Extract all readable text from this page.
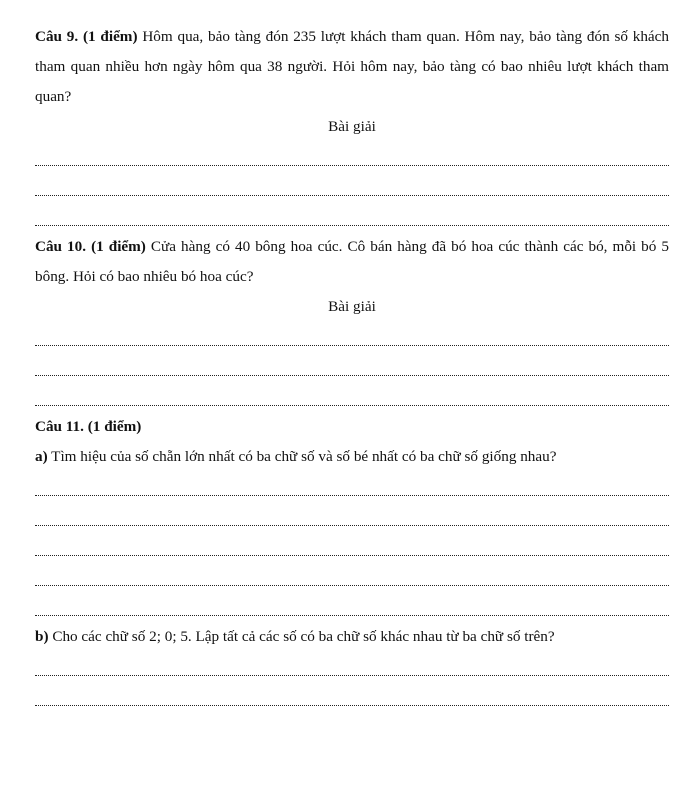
Câu 9. (1 điểm) Hôm qua, bảo tàng đón 235 lượt khách tham quan. Hôm nay, bảo tàng đón số khách tham quan nhiều hơn ngày hôm qua 38 người. Hỏi hôm nay, bảo tàng có bao nhiêu lượt khách tham quan?

Bài giải

Câu 10. (1 điểm) Cửa hàng có 40 bông hoa cúc. Cô bán hàng đã bó hoa cúc thành các bó, mỗi bó 5 bông. Hỏi có bao nhiêu bó hoa cúc?

Bài giải

Câu 11. (1 điểm)

a) Tìm hiệu của số chẵn lớn nhất có ba chữ số và số bé nhất có ba chữ số giống nhau?

b) Cho các chữ số 2; 0; 5. Lập tất cả các số có ba chữ số khác nhau từ ba chữ số trên?
